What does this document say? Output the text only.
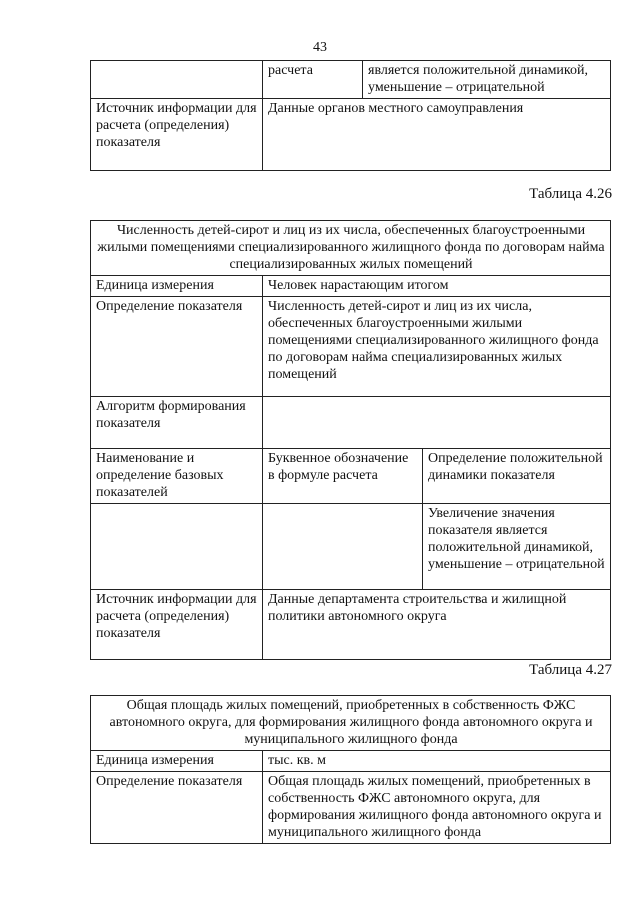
43
	расчета	является положительной динамикой, уменьшение – отрицательной
Источник информации для расчета (определения) показателя	Данные органов местного самоуправления	
Таблица 4.26
Численность детей-сирот и лиц из их числа, обеспеченных благоустроенными жилыми помещениями специализированного жилищного фонда по договорам найма специализированных жилых помещений		
Единица измерения	Человек нарастающим итогом	
Определение показателя	Численность детей-сирот и лиц из их числа, обеспеченных благоустроенными жилыми помещениями специализированного жилищного фонда по договорам найма специализированных жилых помещений	
Алгоритм формирования показателя		
Наименование и определение базовых показателей	Буквенное обозначение в формуле расчета	Определение положительной динамики показателя
		Увеличение значения показателя является положительной динамикой, уменьшение – отрицательной
Источник информации для расчета (определения) показателя	Данные департамента строительства и жилищной политики автономного округа	
Таблица 4.27
Общая площадь жилых помещений, приобретенных в собственность ФЖС автономного округа, для формирования жилищного фонда автономного округа и муниципального жилищного фонда	
Единица измерения	тыс. кв. м
Определение показателя	Общая площадь жилых помещений, приобретенных в собственность ФЖС автономного округа, для формирования жилищного фонда автономного округа и муниципального жилищного фонда
